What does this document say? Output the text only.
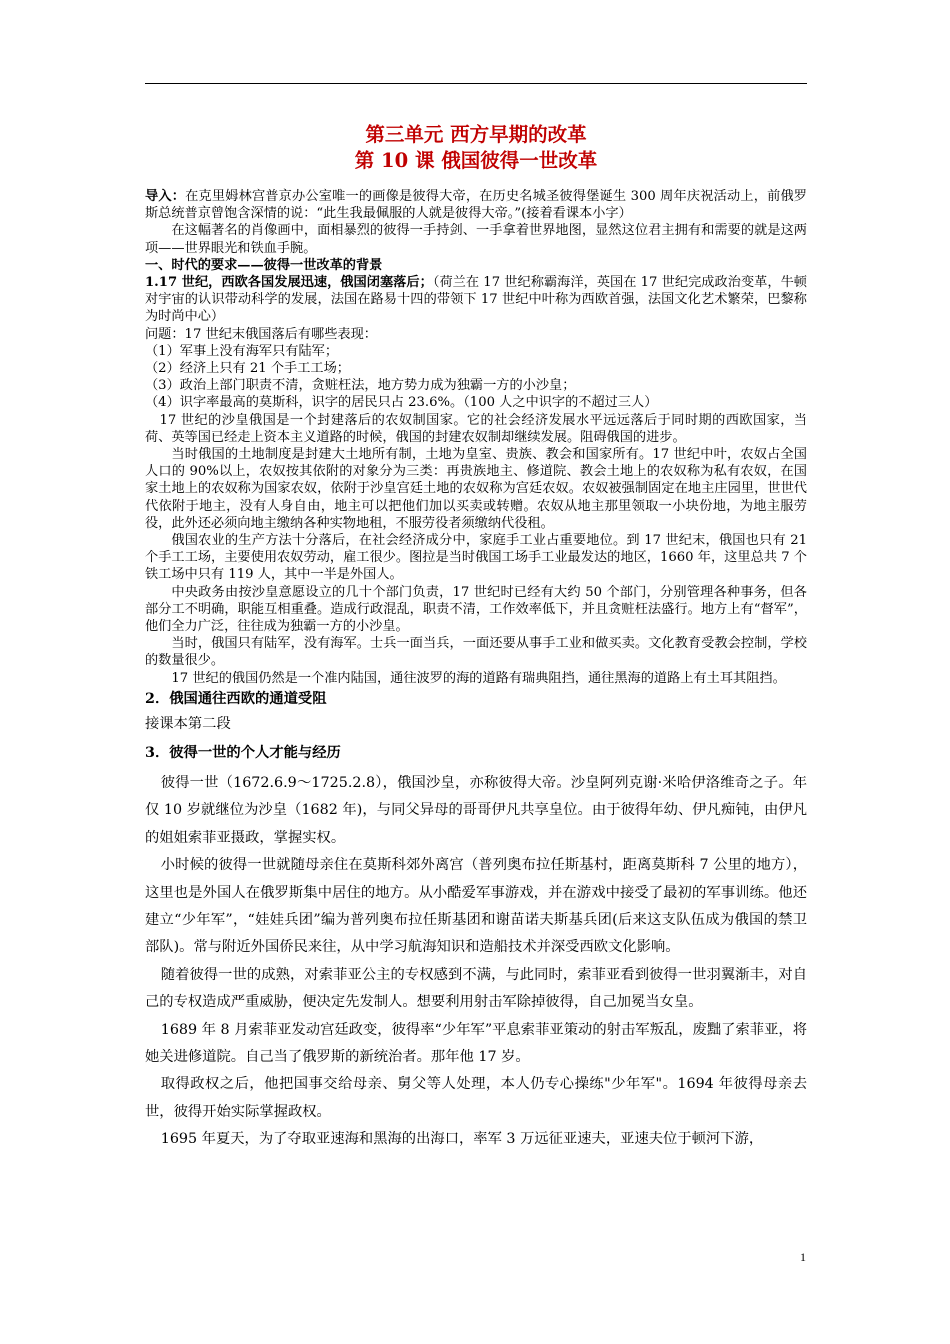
第三单元 西方早期的改革

第 10 课 俄国彼得一世改革

导入：在克里姆林宫普京办公室唯一的画像是彼得大帝，在历史名城圣彼得堡诞生 300 周年庆祝活动上，前俄罗斯总统普京曾饱含深情的说：“此生我最佩服的人就是彼得大帝。”(接着看课本小字）

在这幅著名的肖像画中，面相暴烈的彼得一手持剑、一手拿着世界地图，显然这位君主拥有和需要的就是这两项——世界眼光和铁血手腕。

一、时代的要求——彼得一世改革的背景

1.17 世纪，西欧各国发展迅速，俄国闭塞落后；（荷兰在 17 世纪称霸海洋，英国在 17 世纪完成政治变革，牛顿对宇宙的认识带动科学的发展，法国在路易十四的带领下 17 世纪中叶称为西欧首强，法国文化艺术繁荣，巴黎称为时尚中心）

问题：17 世纪末俄国落后有哪些表现：

（1）军事上没有海军只有陆军；

（2）经济上只有 21 个手工工场；

（3）政治上部门职责不清，贪赃枉法，地方势力成为独霸一方的小沙皇；

（4）识字率最高的莫斯科，识字的居民只占 23.6%。（100 人之中识字的不超过三人）

17 世纪的沙皇俄国是一个封建落后的农奴制国家。它的社会经济发展水平远远落后于同时期的西欧国家，当荷、英等国已经走上资本主义道路的时候，俄国的封建农奴制却继续发展。阻碍俄国的进步。

当时俄国的土地制度是封建大土地所有制，土地为皇室、贵族、教会和国家所有。17 世纪中叶，农奴占全国人口的 90%以上，农奴按其依附的对象分为三类：再贵族地主、修道院、教会土地上的农奴称为私有农奴，在国家土地上的农奴称为国家农奴，依附于沙皇宫廷土地的农奴称为宫廷农奴。农奴被强制固定在地主庄园里，世世代代依附于地主，没有人身自由，地主可以把他们加以买卖或转赠。农奴从地主那里领取一小块份地，为地主服劳役，此外还必须向地主缴纳各种实物地租，不服劳役者须缴纳代役租。

俄国农业的生产方法十分落后，在社会经济成分中，家庭手工业占重要地位。到 17 世纪末，俄国也只有 21 个手工工场，主要使用农奴劳动，雇工很少。图拉是当时俄国工场手工业最发达的地区，1660 年，这里总共 7 个铁工场中只有 119 人，其中一半是外国人。

中央政务由按沙皇意愿设立的几十个部门负责，17 世纪时已经有大约 50 个部门，分别管理各种事务，但各部分工不明确，职能互相重叠。造成行政混乱，职责不清，工作效率低下，并且贪赃枉法盛行。地方上有“督军”，他们全力广泛，往往成为独霸一方的小沙皇。

当时，俄国只有陆军，没有海军。士兵一面当兵，一面还要从事手工业和做买卖。文化教育受教会控制，学校的数量很少。

17 世纪的俄国仍然是一个准内陆国，通往波罗的海的道路有瑞典阻挡，通往黑海的道路上有土耳其阻挡。

2．俄国通往西欧的通道受阻

接课本第二段

3．彼得一世的个人才能与经历

彼得一世（1672.6.9～1725.2.8），俄国沙皇，亦称彼得大帝。沙皇阿列克谢·米哈伊洛维奇之子。年仅 10 岁就继位为沙皇（1682 年)，与同父异母的哥哥伊凡共享皇位。由于彼得年幼、伊凡痴钝，由伊凡的姐姐索菲亚摄政，掌握实权。

小时候的彼得一世就随母亲住在莫斯科郊外离宫（普列奥布拉任斯基村，距离莫斯科 7 公里的地方），这里也是外国人在俄罗斯集中居住的地方。从小酷爱军事游戏，并在游戏中接受了最初的军事训练。他还建立“少年军”，“娃娃兵团”编为普列奥布拉任斯基团和谢苗诺夫斯基兵团(后来这支队伍成为俄国的禁卫部队)。常与附近外国侨民来往，从中学习航海知识和造船技术并深受西欧文化影响。

随着彼得一世的成熟，对索菲亚公主的专权感到不满，与此同时，索菲亚看到彼得一世羽翼渐丰，对自己的专权造成严重威胁，便决定先发制人。想要利用射击军除掉彼得，自己加冕当女皇。

1689 年 8 月索菲亚发动宫廷政变，彼得率“少年军”平息索菲亚策动的射击军叛乱，废黜了索菲亚，将她关进修道院。自己当了俄罗斯的新统治者。那年他 17 岁。

取得政权之后，他把国事交给母亲、舅父等人处理，本人仍专心操练"少年军"。1694 年彼得母亲去世，彼得开始实际掌握政权。

1695 年夏天，为了夺取亚速海和黑海的出海口，率军 3 万远征亚速夫，亚速夫位于顿河下游，

1
